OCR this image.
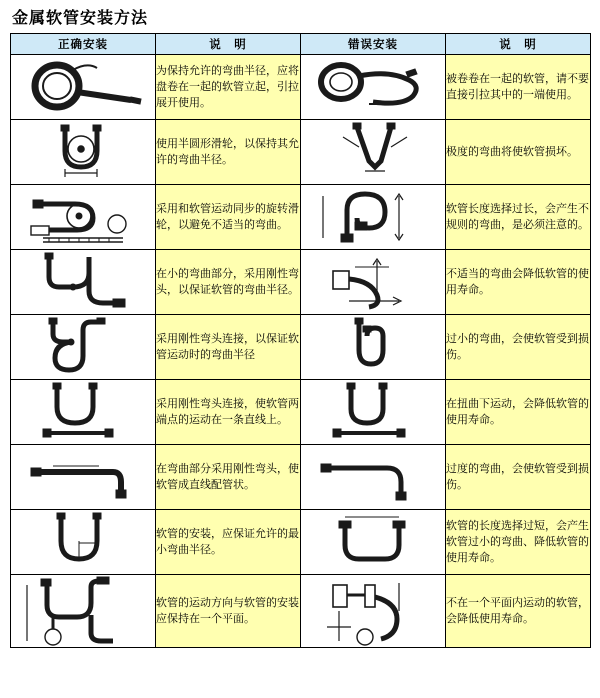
金属软管安装方法
正确安装	说　明	错误安装	说　明

	为保持允许的弯曲半径，应将盘卷在一起的软管立起，引拉展开使用。		被卷卷在一起的软管，请不要直接引拉其中的一端使用。

	使用半圆形滑轮，以保持其允许的弯曲半径。		极度的弯曲将使软管损坏。

	采用和软管运动同步的旋转滑轮，以避免不适当的弯曲。		软管长度选择过长，会产生不规则的弯曲，是必须注意的。

	在小的弯曲部分，采用刚性弯头，以保证软管的弯曲半径。		不适当的弯曲会降低软管的使用寿命。

	采用刚性弯头连接，以保证软管运动时的弯曲半径		过小的弯曲，会使软管受到损伤。

	采用刚性弯头连接，使软管两端点的运动在一条直线上。		在扭曲下运动，会降低软管的使用寿命。

	在弯曲部分采用刚性弯头，使软管成直线配管状。		过度的弯曲，会使软管受到损伤。

	软管的安装，应保证允许的最小弯曲半径。		软管的长度选择过短，会产生软管过小的弯曲、降低软管的使用寿命。

	软管的运动方向与软管的安装应保持在一个平面。		不在一个平面内运动的软管，会降低使用寿命。
